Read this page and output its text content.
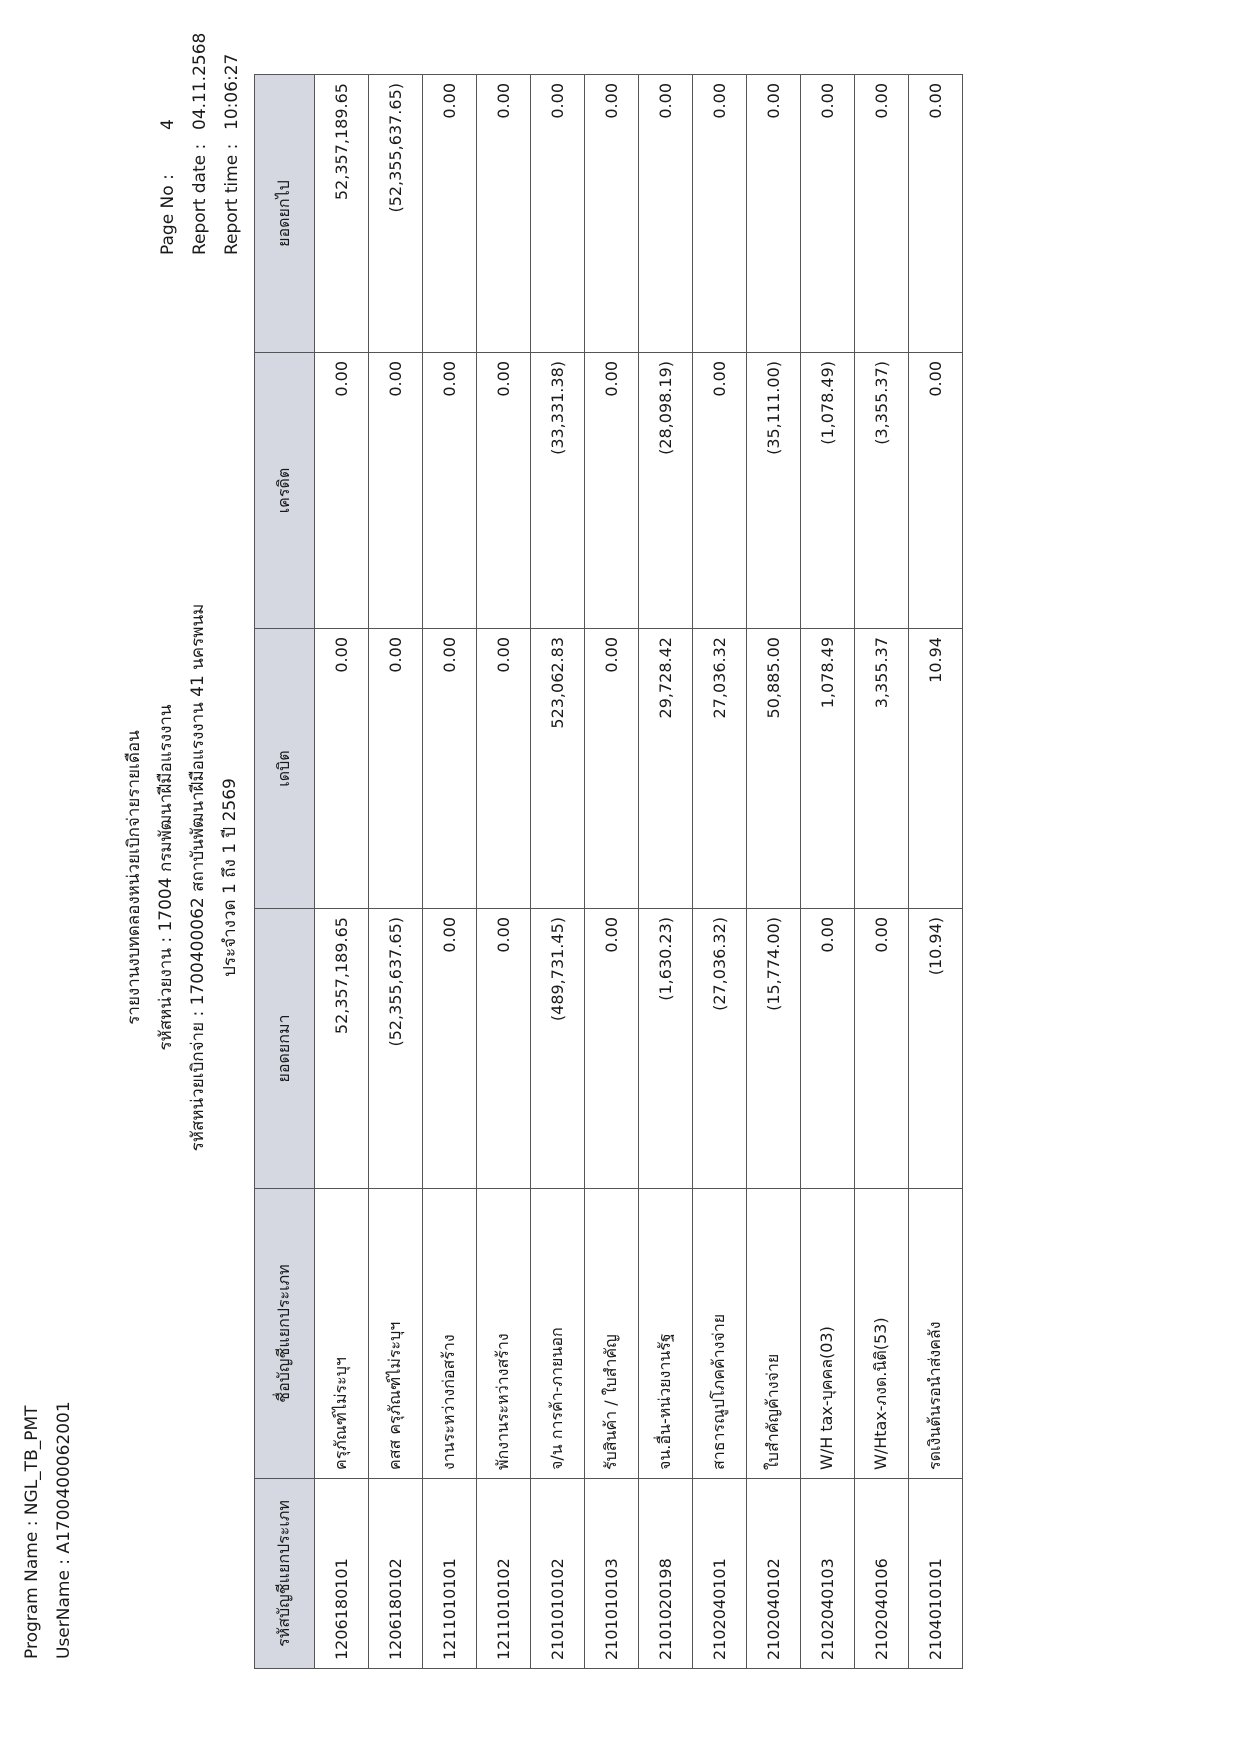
Program Name : NGL_TB_PMT UserName : A1700400062001
รายงานงบทดลองหน่วยเบิกจ่ายรายเดือน รหัสหน่วยงาน : 17004 กรมพัฒนาฝีมือแรงงาน รหัสหน่วยเบิกจ่าย : 1700400062 สถาบันพัฒนาฝีมือแรงงาน 41 นครพนม ประจำงวด 1 ถึง 1 ปี 2569
Page No :
4
Report date :
04.11.2568
Report time :
10:06:27
รหัสบัญชีแยกประเภท	ชื่อบัญชีแยกประเภท	ยอดยกมา	เดบิต	เครดิต	ยอดยกไป
1206180101	ครุภัณฑ์ไม่ระบุฯ	52,357,189.65	0.00	0.00	52,357,189.65
1206180102	คสส ครุภัณฑ์ไม่ระบุฯ	(52,355,637.65)	0.00	0.00	(52,355,637.65)
1211010101	งานระหว่างก่อสร้าง	0.00	0.00	0.00	0.00
1211010102	พักงานระหว่างสร้าง	0.00	0.00	0.00	0.00
2101010102	จ/น การค้า-ภายนอก	(489,731.45)	523,062.83	(33,331.38)	0.00
2101010103	รับสินค้า / ใบสำคัญ	0.00	0.00	0.00	0.00
2101020198	จน.อื่น-หน่วยงานรัฐ	(1,630.23)	29,728.42	(28,098.19)	0.00
2102040101	สาธารณูปโภคค้างจ่าย	(27,036.32)	27,036.32	0.00	0.00
2102040102	ใบสำคัญค้างจ่าย	(15,774.00)	50,885.00	(35,111.00)	0.00
2102040103	W/H tax-บุคคล(03)	0.00	1,078.49	(1,078.49)	0.00
2102040106	W/Htax-ภงด.นิติ(53)	0.00	3,355.37	(3,355.37)	0.00
2104010101	รดเงินต้นรอนำส่งคลัง	(10.94)	10.94	0.00	0.00
